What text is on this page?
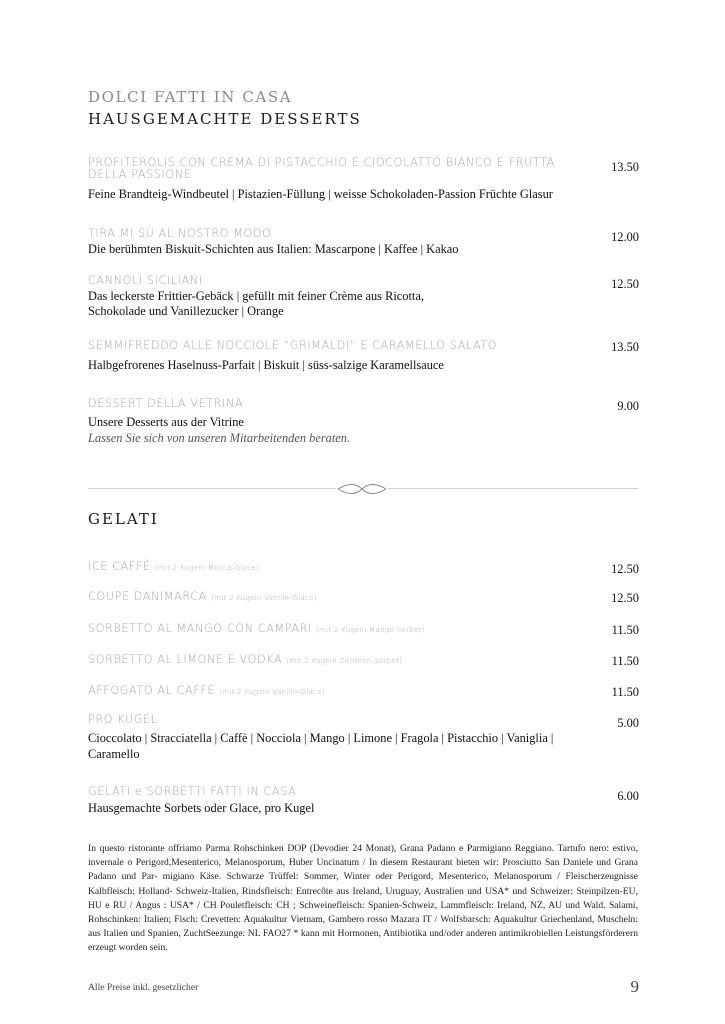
DOLCI FATTI IN CASA
HAUSGEMACHTE DESSERTS
PROFITEROLIS CON CREMA DI PISTACCHIO E CIOCOLATTO BIANCO E FRUTTA DELLA PASSIONE
Feine Brandteig-Windbeutel | Pistazien-Füllung | weisse Schokoladen-Passion Früchte Glasur
13.50
TIRA MI SÙ AL NOSTRO MODO
Die berühmten Biskuit-Schichten aus Italien: Mascarpone | Kaffee | Kakao
12.00
CANNOLI SICILIANI
Das leckerste Frittier-Gebäck | gefüllt mit feiner Crème aus Ricotta,
Schokolade und Vanillezucker | Orange
12.50
SEMMIFREDDO ALLE NOCCIOLE “GRIMALDI” E CARAMELLO SALATO
Halbgefrorenes Haselnuss-Parfait | Biskuit | süss-salzige Karamellsauce
13.50
DESSERT DELLA VETRINA
Unsere Desserts aus der Vitrine
Lassen Sie sich von unseren Mitarbeitenden beraten.
9.00
GELATI
ICE CAFFÈ (mit 2 Kugeln Mocca-Glace)	12.50
COUPE DANIMARCA (mit 2 Kugeln Vanille-Glace)	12.50
SORBETTO AL MANGO CON CAMPARI (mit 2 Kugeln Mango-Sorbet)	11.50
SORBETTO AL LIMONE E VODKA (mit 2 Kugeln Zitronen-Sorbet)	11.50
AFFOGATO AL CAFFÈ (mit 2 Kugeln Vanille-Glace)	11.50
PRO KUGEL
Cioccolato | Stracciatella | Caffè | Nocciola | Mango | Limone | Fragola | Pistacchio | Vaniglia |
Caramello
5.00
GELATI e SORBETTI FATTI IN CASA
Hausgemachte Sorbets oder Glace, pro Kugel
6.00
In questo ristorante offriamo Parma Rohschinken DOP (Devodier 24 Monat), Grana Padano e Parmigiano Reggiano. Tartufo nero: estivo, invernale o Perigord,Mesenterico, Melanosporum, Huber Uncinatum / In diesem Restaurant bieten wir: Prosciutto San Daniele und Grana Padano und Par- migiano Käse. Schwarze Trüffel: Sommer, Winter oder Perigord, Mesenterico, Melanosporum / Fleischerzeugnisse Kalbfleisch: Holland- Schweiz-Italien, Rindsfleisch: Entrecôte aus Ireland, Uruguay, Australien und USA* und Schweizer: Steinpilzen-EU, HU e RU / Angus : USA* / CH Pouletfleisch: CH ; Schweinefleisch: Spanien-Schweiz, Lammfleisch: Ireland, NZ, AU und Wald. Salami, Rohschinken: Italien; Fisch: Crevetten: Aquakultur Vietnam, Gambero rosso Mazara IT / Wolfsbarsch: Aquakultur Griechenland, Muscheln: aus Italien und Spanien, ZuchtSeezunge: NL FAO27 * kann mit Hormonen, Antibiotika und/oder anderen antimikrobiellen Leistungsförderern erzeugt worden sein.
Alle Preise inkl. gesetzlicher	9
